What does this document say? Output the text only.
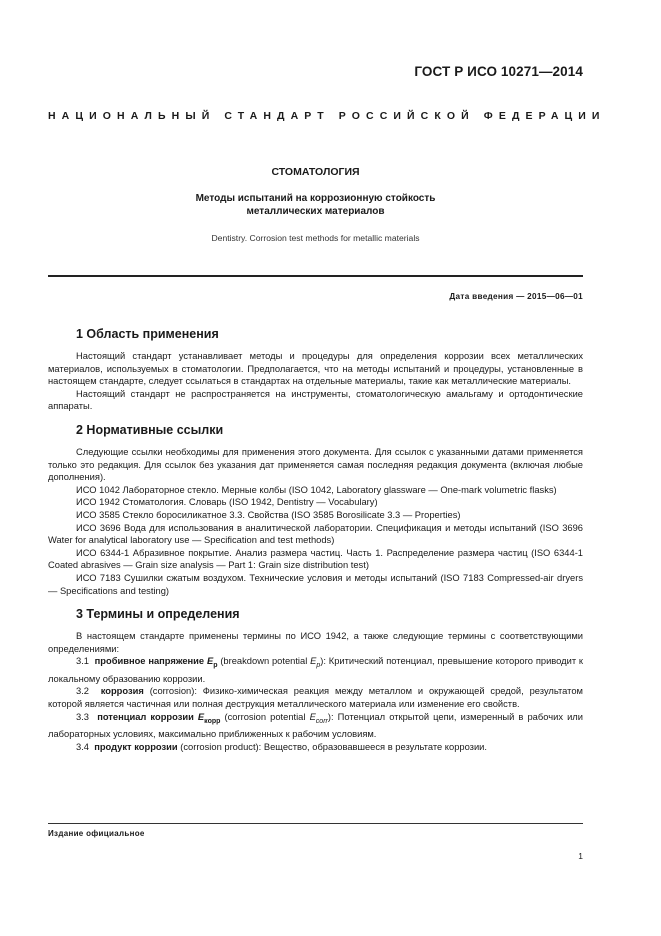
ГОСТ Р ИСО 10271—2014
НАЦИОНАЛЬНЫЙ СТАНДАРТ РОССИЙСКОЙ ФЕДЕРАЦИИ
СТОМАТОЛОГИЯ
Методы испытаний на коррозионную стойкость
металлических материалов
Dentistry. Corrosion test methods for metallic materials
Дата введения — 2015—06—01
1 Область применения

Настоящий стандарт устанавливает методы и процедуры для определения коррозии всех металлических материалов, используемых в стоматологии. Предполагается, что на методы испытаний и процедуры, установленные в настоящем стандарте, следует ссылаться в стандартах на отдельные материалы, такие как металлические материалы.

Настоящий стандарт не распространяется на инструменты, стоматологическую амальгаму и ортодонтические аппараты.

2 Нормативные ссылки

Следующие ссылки необходимы для применения этого документа. Для ссылок с указанными датами применяется только это редакция. Для ссылок без указания дат применяется самая последняя редакция документа (включая любые дополнения).

ИСО 1042 Лабораторное стекло. Мерные колбы (ISO 1042, Laboratory glassware — One-mark volumetric flasks)

ИСО 1942 Стоматология. Словарь (ISO 1942, Dentistry — Vocabulary)

ИСО 3585 Стекло боросиликатное 3.3. Свойства (ISO 3585 Borosilicate 3.3 — Properties)

ИСО 3696 Вода для использования в аналитической лаборатории. Спецификация и методы испытаний (ISO 3696 Water for analytical laboratory use — Specification and test methods)

ИСО 6344-1 Абразивное покрытие. Анализ размера частиц. Часть 1. Распределение размера частиц (ISO 6344-1 Coated abrasives — Grain size analysis — Part 1: Grain size distribution test)

ИСО 7183 Сушилки сжатым воздухом. Технические условия и методы испытаний (ISO 7183 Compressed-air dryers — Specifications and testing)

3 Термины и определения

В настоящем стандарте применены термины по ИСО 1942, а также следующие термины с соответствующими определениями:

3.1 пробивное напряжение $E_p$ (breakdown potential $E_p$): Критический потенциал, превышение которого приводит к локальному образованию коррозии.

3.2 коррозия (corrosion): Физико-химическая реакция между металлом и окружающей средой, результатом которой является частичная или полная деструкция металлического материала или изменение его свойств.

3.3 потенциал коррозии $E_{корр}$ (corrosion potential $E_{corr}$): Потенциал открытой цепи, измеренный в рабочих или лабораторных условиях, максимально приближенных к рабочим условиям.

3.4 продукт коррозии (corrosion product): Вещество, образовавшееся в результате коррозии.

Издание официальное
1
